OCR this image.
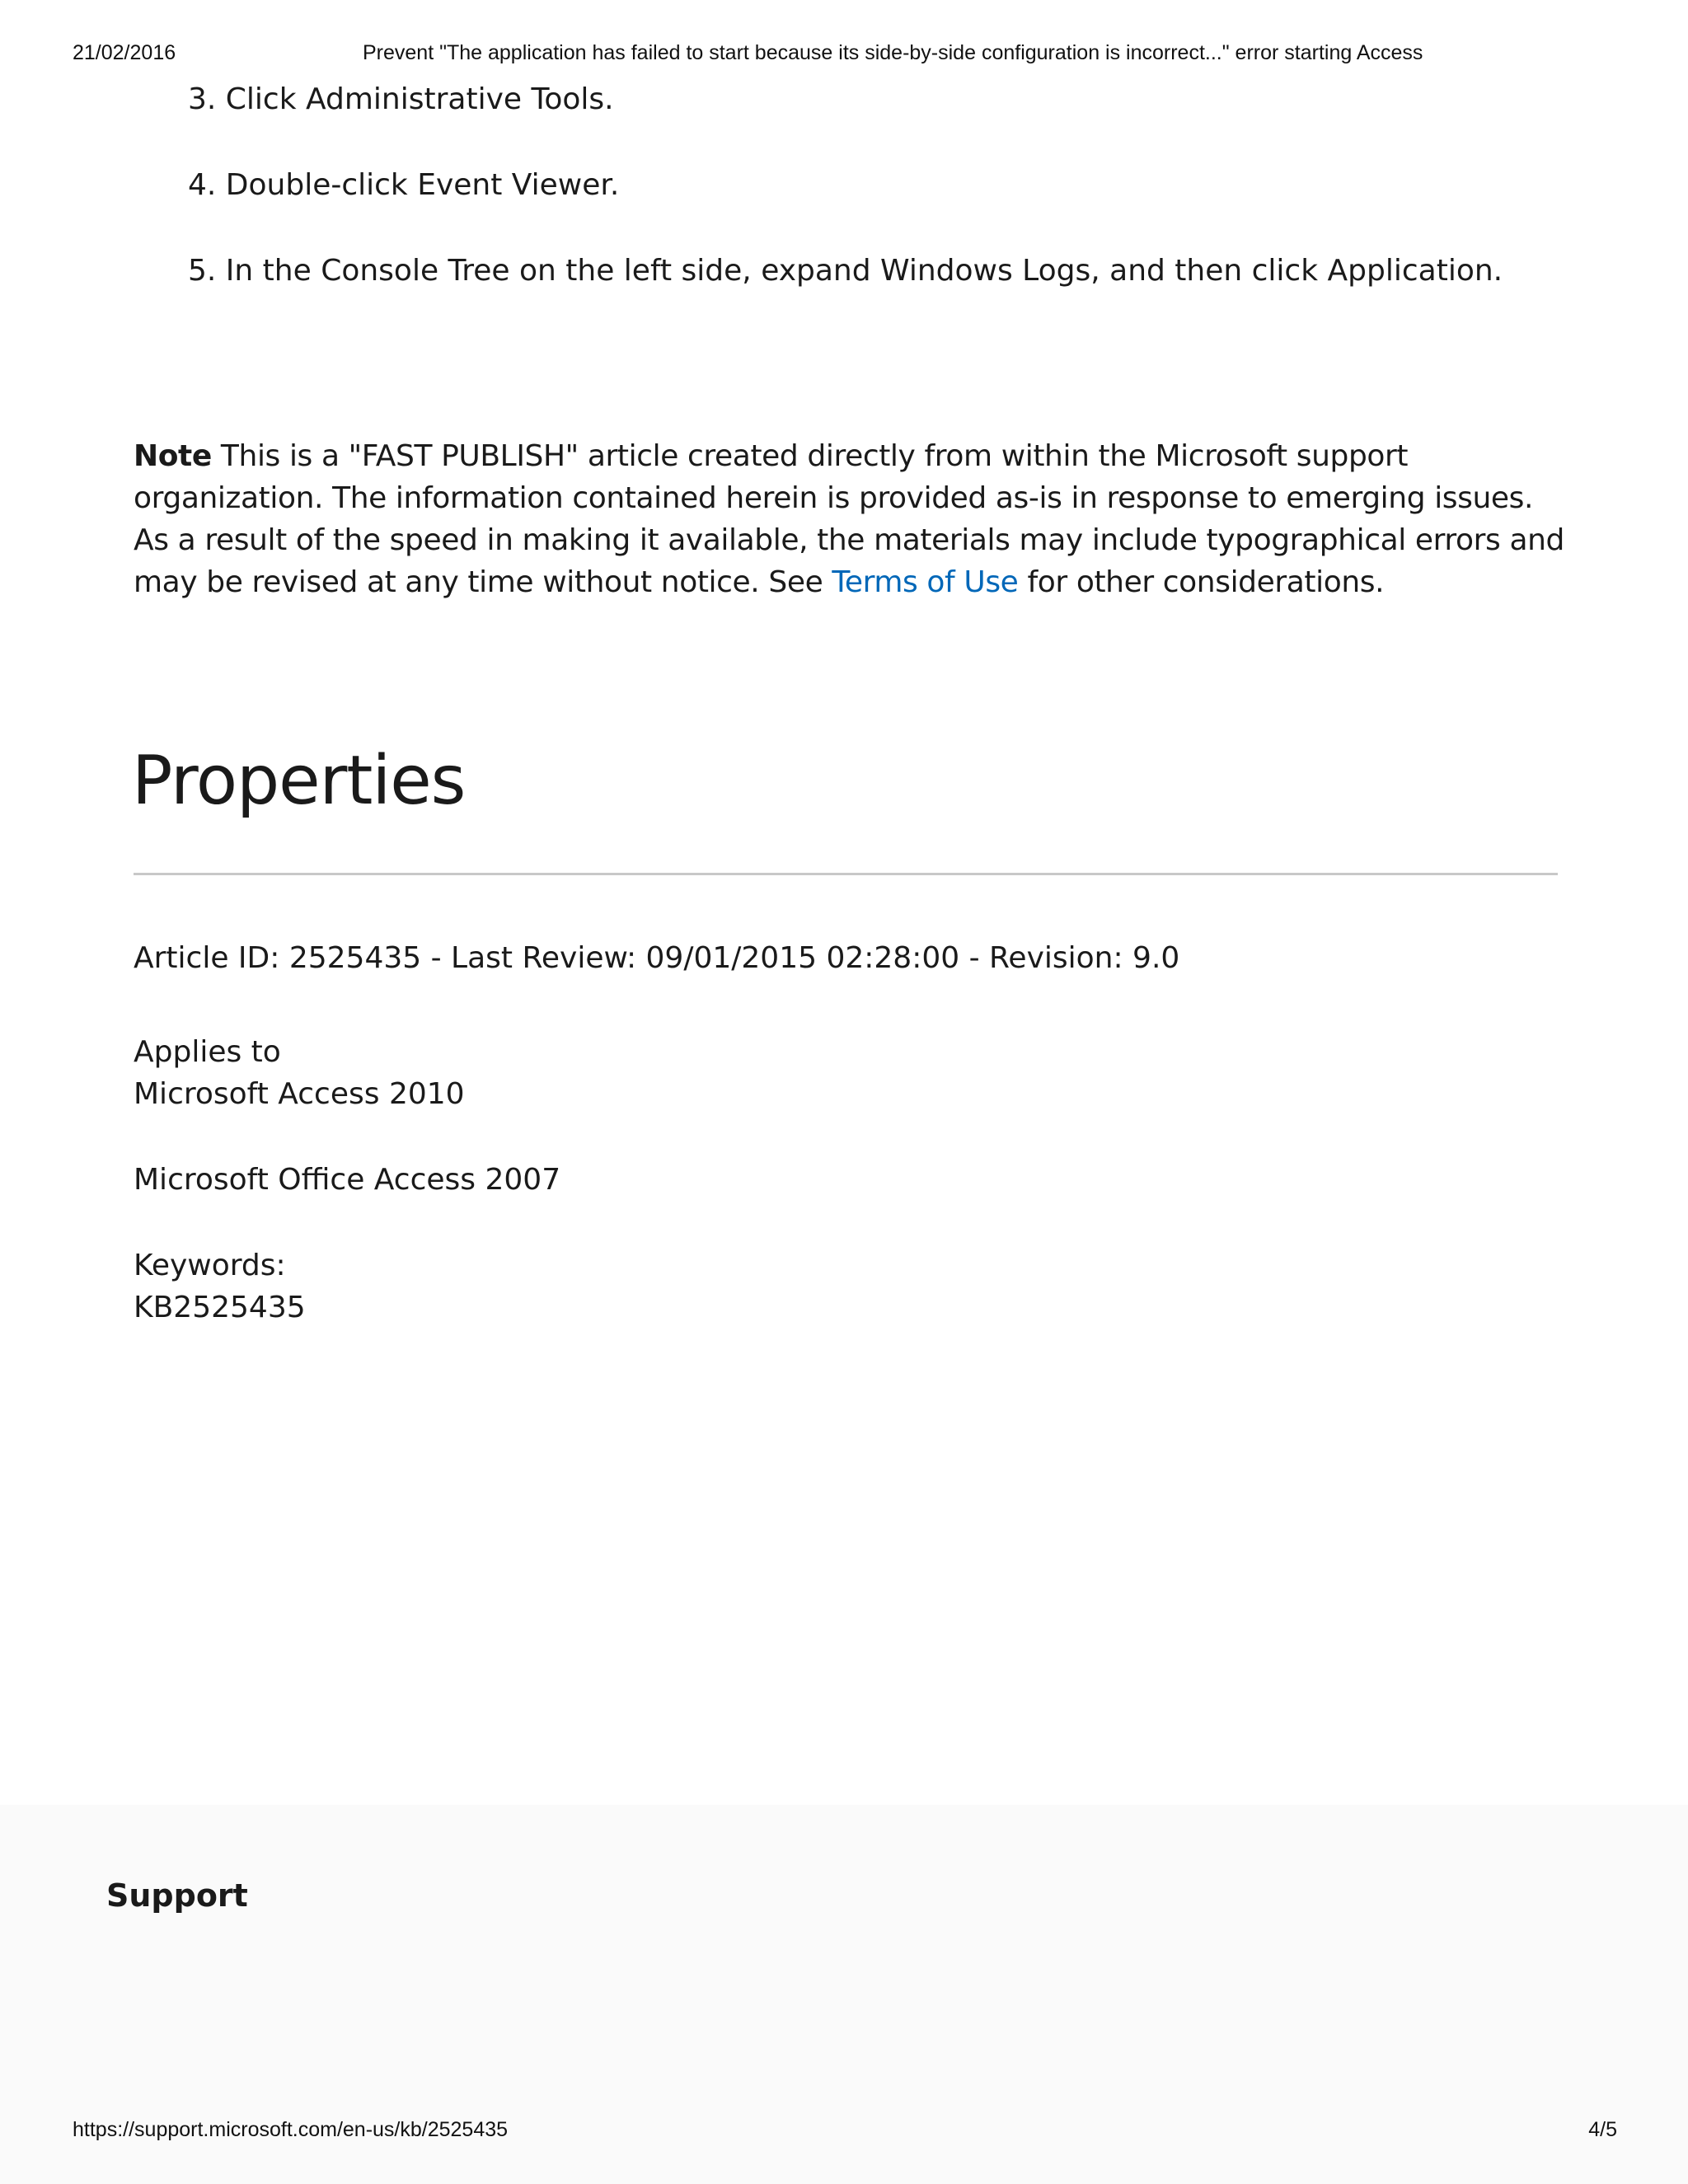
21/02/2016	Prevent "The application has failed to start because its side-by-side configuration is incorrect..." error starting Access
3. Click Administrative Tools.
4. Double-click Event Viewer.
5. In the Console Tree on the left side, expand Windows Logs, and then click Application.
Note This is a "FAST PUBLISH" article created directly from within the Microsoft support organization. The information contained herein is provided as-is in response to emerging issues. As a result of the speed in making it available, the materials may include typographical errors and may be revised at any time without notice. See Terms of Use for other considerations.
Properties
Article ID: 2525435 - Last Review: 09/01/2015 02:28:00 - Revision: 9.0
Applies to
Microsoft Access 2010
Microsoft Office Access 2007
Keywords:
KB2525435
Support
https://support.microsoft.com/en-us/kb/2525435	4/5
